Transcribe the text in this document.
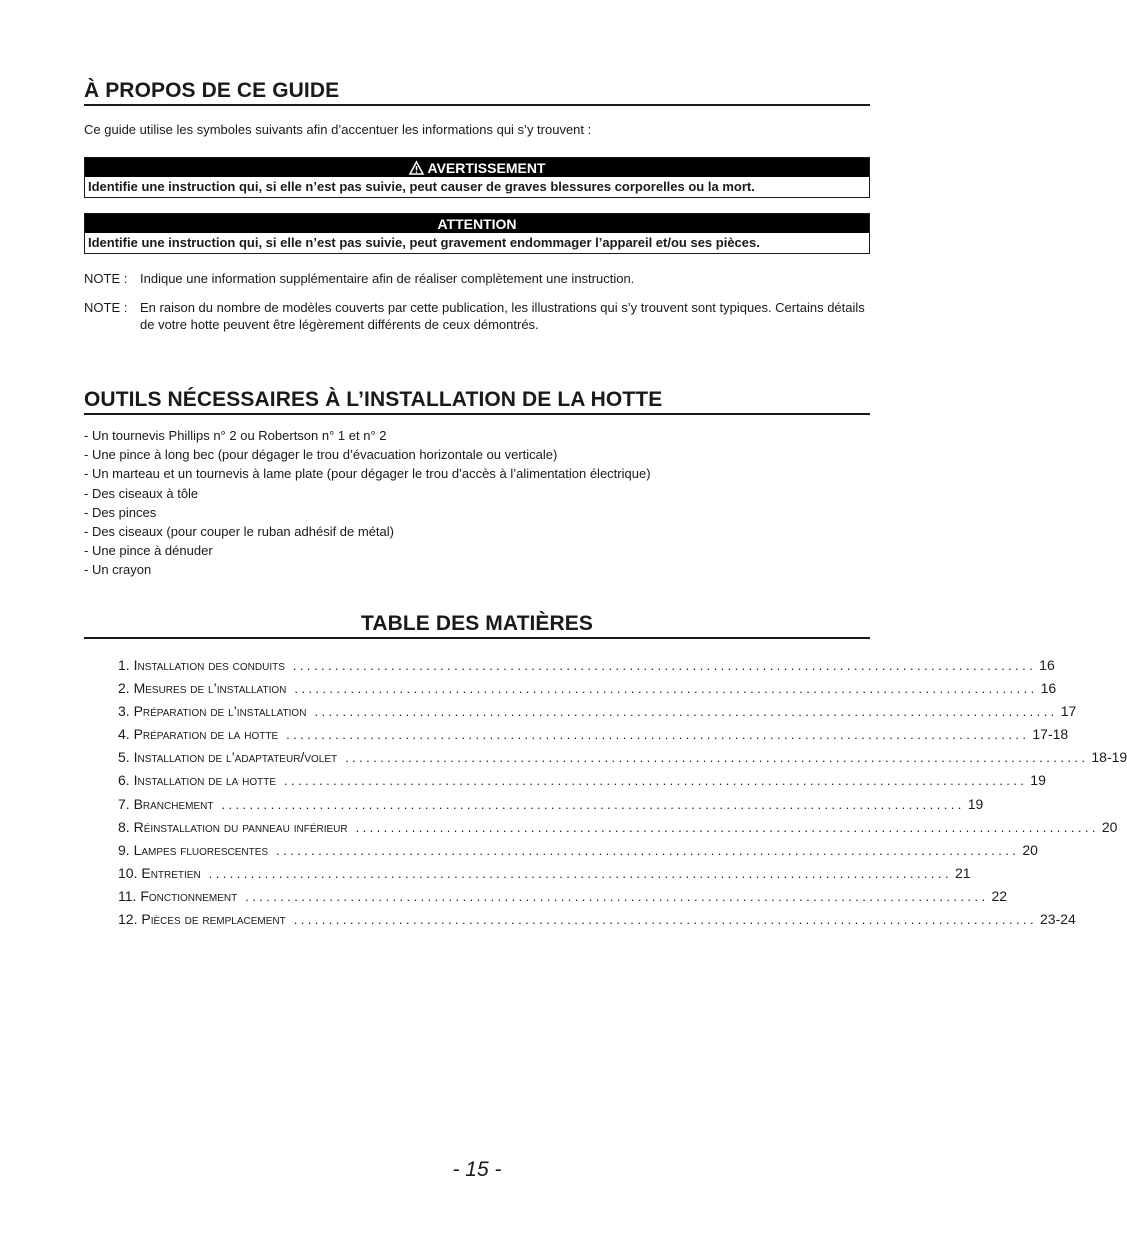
À PROPOS DE CE GUIDE
Ce guide utilise les symboles suivants afin d’accentuer les informations qui s’y trouvent :
AVERTISSEMENT
Identifie une instruction qui, si elle n’est pas suivie, peut causer de graves blessures corporelles ou la mort.
ATTENTION
Identifie une instruction qui, si elle n’est pas suivie, peut gravement endommager l’appareil et/ou ses pièces.
NOTE : Indique une information supplémentaire afin de réaliser complètement une instruction.
NOTE : En raison du nombre de modèles couverts par cette publication, les illustrations qui s’y trouvent sont typiques. Certains détails de votre hotte peuvent être légèrement différents de ceux démontrés.
OUTILS NÉCESSAIRES À L’INSTALLATION DE LA HOTTE
- Un tournevis Phillips n° 2 ou Robertson n° 1 et n° 2
- Une pince à long bec (pour dégager le trou d’évacuation horizontale ou verticale)
- Un marteau et un tournevis à lame plate (pour dégager le trou d’accès à l’alimentation électrique)
- Des ciseaux à tôle
- Des pinces
- Des ciseaux (pour couper le ruban adhésif de métal)
- Une pince à dénuder
- Un crayon
TABLE DES MATIÈRES
1. Installation des conduits .......................................................................................................... 16
2. Mesures de l’installation .......................................................................................................... 16
3. Préparation de l’installation .......................................................................................................... 17
4. Préparation de la hotte .......................................................................................................... 17-18
5. Installation de l’adaptateur/volet .......................................................................................................... 18-19
6. Installation de la hotte .......................................................................................................... 19
7. Branchement .......................................................................................................... 19
8. Réinstallation du panneau inférieur .......................................................................................................... 20
9. Lampes fluorescentes .......................................................................................................... 20
10. Entretien .......................................................................................................... 21
11. Fonctionnement .......................................................................................................... 22
12. Pièces de remplacement .......................................................................................................... 23-24
- 15 -
